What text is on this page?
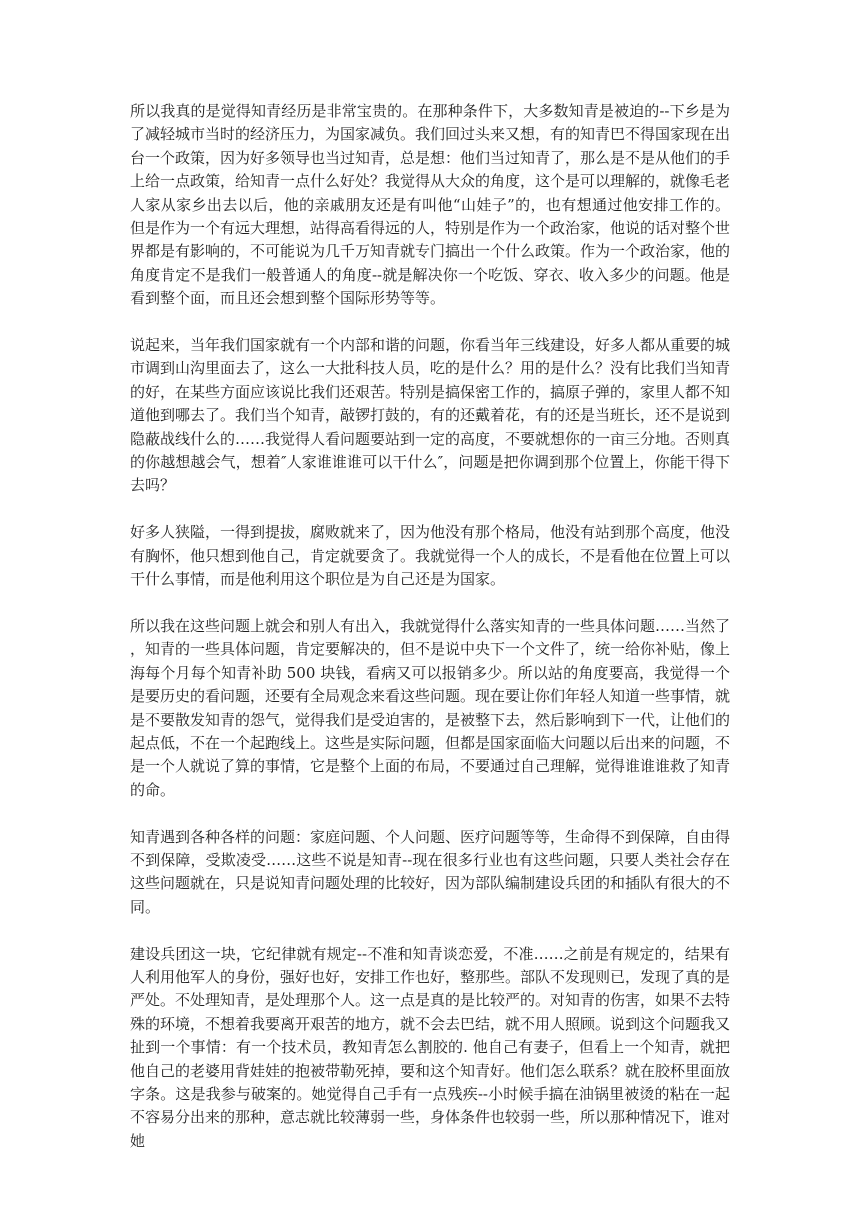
所以我真的是觉得知青经历是非常宝贵的。在那种条件下，大多数知青是被迫的--下乡是为了减轻城市当时的经济压力，为国家减负。我们回过头来又想，有的知青巴不得国家现在出台一个政策，因为好多领导也当过知青，总是想：他们当过知青了，那么是不是从他们的手上给一点政策，给知青一点什么好处？我觉得从大众的角度，这个是可以理解的，就像毛老人家从家乡出去以后，他的亲戚朋友还是有叫他“山娃子”的，也有想通过他安排工作的。但是作为一个有远大理想，站得高看得远的人，特别是作为一个政治家，他说的话对整个世界都是有影响的，不可能说为几千万知青就专门搞出一个什么政策。作为一个政治家，他的角度肯定不是我们一般普通人的角度--就是解决你一个吃饭、穿衣、收入多少的问题。他是看到整个面，而且还会想到整个国际形势等等。

说起来，当年我们国家就有一个内部和谐的问题，你看当年三线建设，好多人都从重要的城市调到山沟里面去了，这么一大批科技人员，吃的是什么？用的是什么？没有比我们当知青的好，在某些方面应该说比我们还艰苦。特别是搞保密工作的，搞原子弹的，家里人都不知道他到哪去了。我们当个知青，敲锣打鼓的，有的还戴着花，有的还是当班长，还不是说到隐蔽战线什么的……我觉得人看问题要站到一定的高度，不要就想你的一亩三分地。否则真的你越想越会气，想着″人家谁谁谁可以干什么″，问题是把你调到那个位置上，你能干得下去吗？

好多人狭隘，一得到提拔，腐败就来了，因为他没有那个格局，他没有站到那个高度，他没有胸怀，他只想到他自己，肯定就要贪了。我就觉得一个人的成长，不是看他在位置上可以干什么事情，而是他利用这个职位是为自己还是为国家。

所以我在这些问题上就会和别人有出入，我就觉得什么落实知青的一些具体问题……当然了，知青的一些具体问题，肯定要解决的，但不是说中央下一个文件了，统一给你补贴，像上海每个月每个知青补助 500 块钱，看病又可以报销多少。所以站的角度要高，我觉得一个是要历史的看问题，还要有全局观念来看这些问题。现在要让你们年轻人知道一些事情，就是不要散发知青的怨气，觉得我们是受迫害的，是被整下去，然后影响到下一代，让他们的起点低，不在一个起跑线上。这些是实际问题，但都是国家面临大问题以后出来的问题，不是一个人就说了算的事情，它是整个上面的布局，不要通过自己理解，觉得谁谁谁救了知青的命。

知青遇到各种各样的问题：家庭问题、个人问题、医疗问题等等，生命得不到保障，自由得不到保障，受欺凌受……这些不说是知青--现在很多行业也有这些问题，只要人类社会存在这些问题就在，只是说知青问题处理的比较好，因为部队编制建设兵团的和插队有很大的不同。

建设兵团这一块，它纪律就有规定--不准和知青谈恋爱，不准……之前是有规定的，结果有人利用他军人的身份，强好也好，安排工作也好，整那些。部队不发现则已，发现了真的是严处。不处理知青，是处理那个人。这一点是真的是比较严的。对知青的伤害，如果不去特殊的环境，不想着我要离开艰苦的地方，就不会去巴结，就不用人照顾。说到这个问题我又扯到一个事情：有一个技术员，教知青怎么割胶的. 他自己有妻子，但看上一个知青，就把他自己的老婆用背娃娃的抱被带勒死掉，要和这个知青好。他们怎么联系？就在胶杯里面放字条。这是我参与破案的。她觉得自己手有一点残疾--小时候手搞在油锅里被烫的粘在一起不容易分出来的那种，意志就比较薄弱一些，身体条件也较弱一些，所以那种情况下，谁对她
